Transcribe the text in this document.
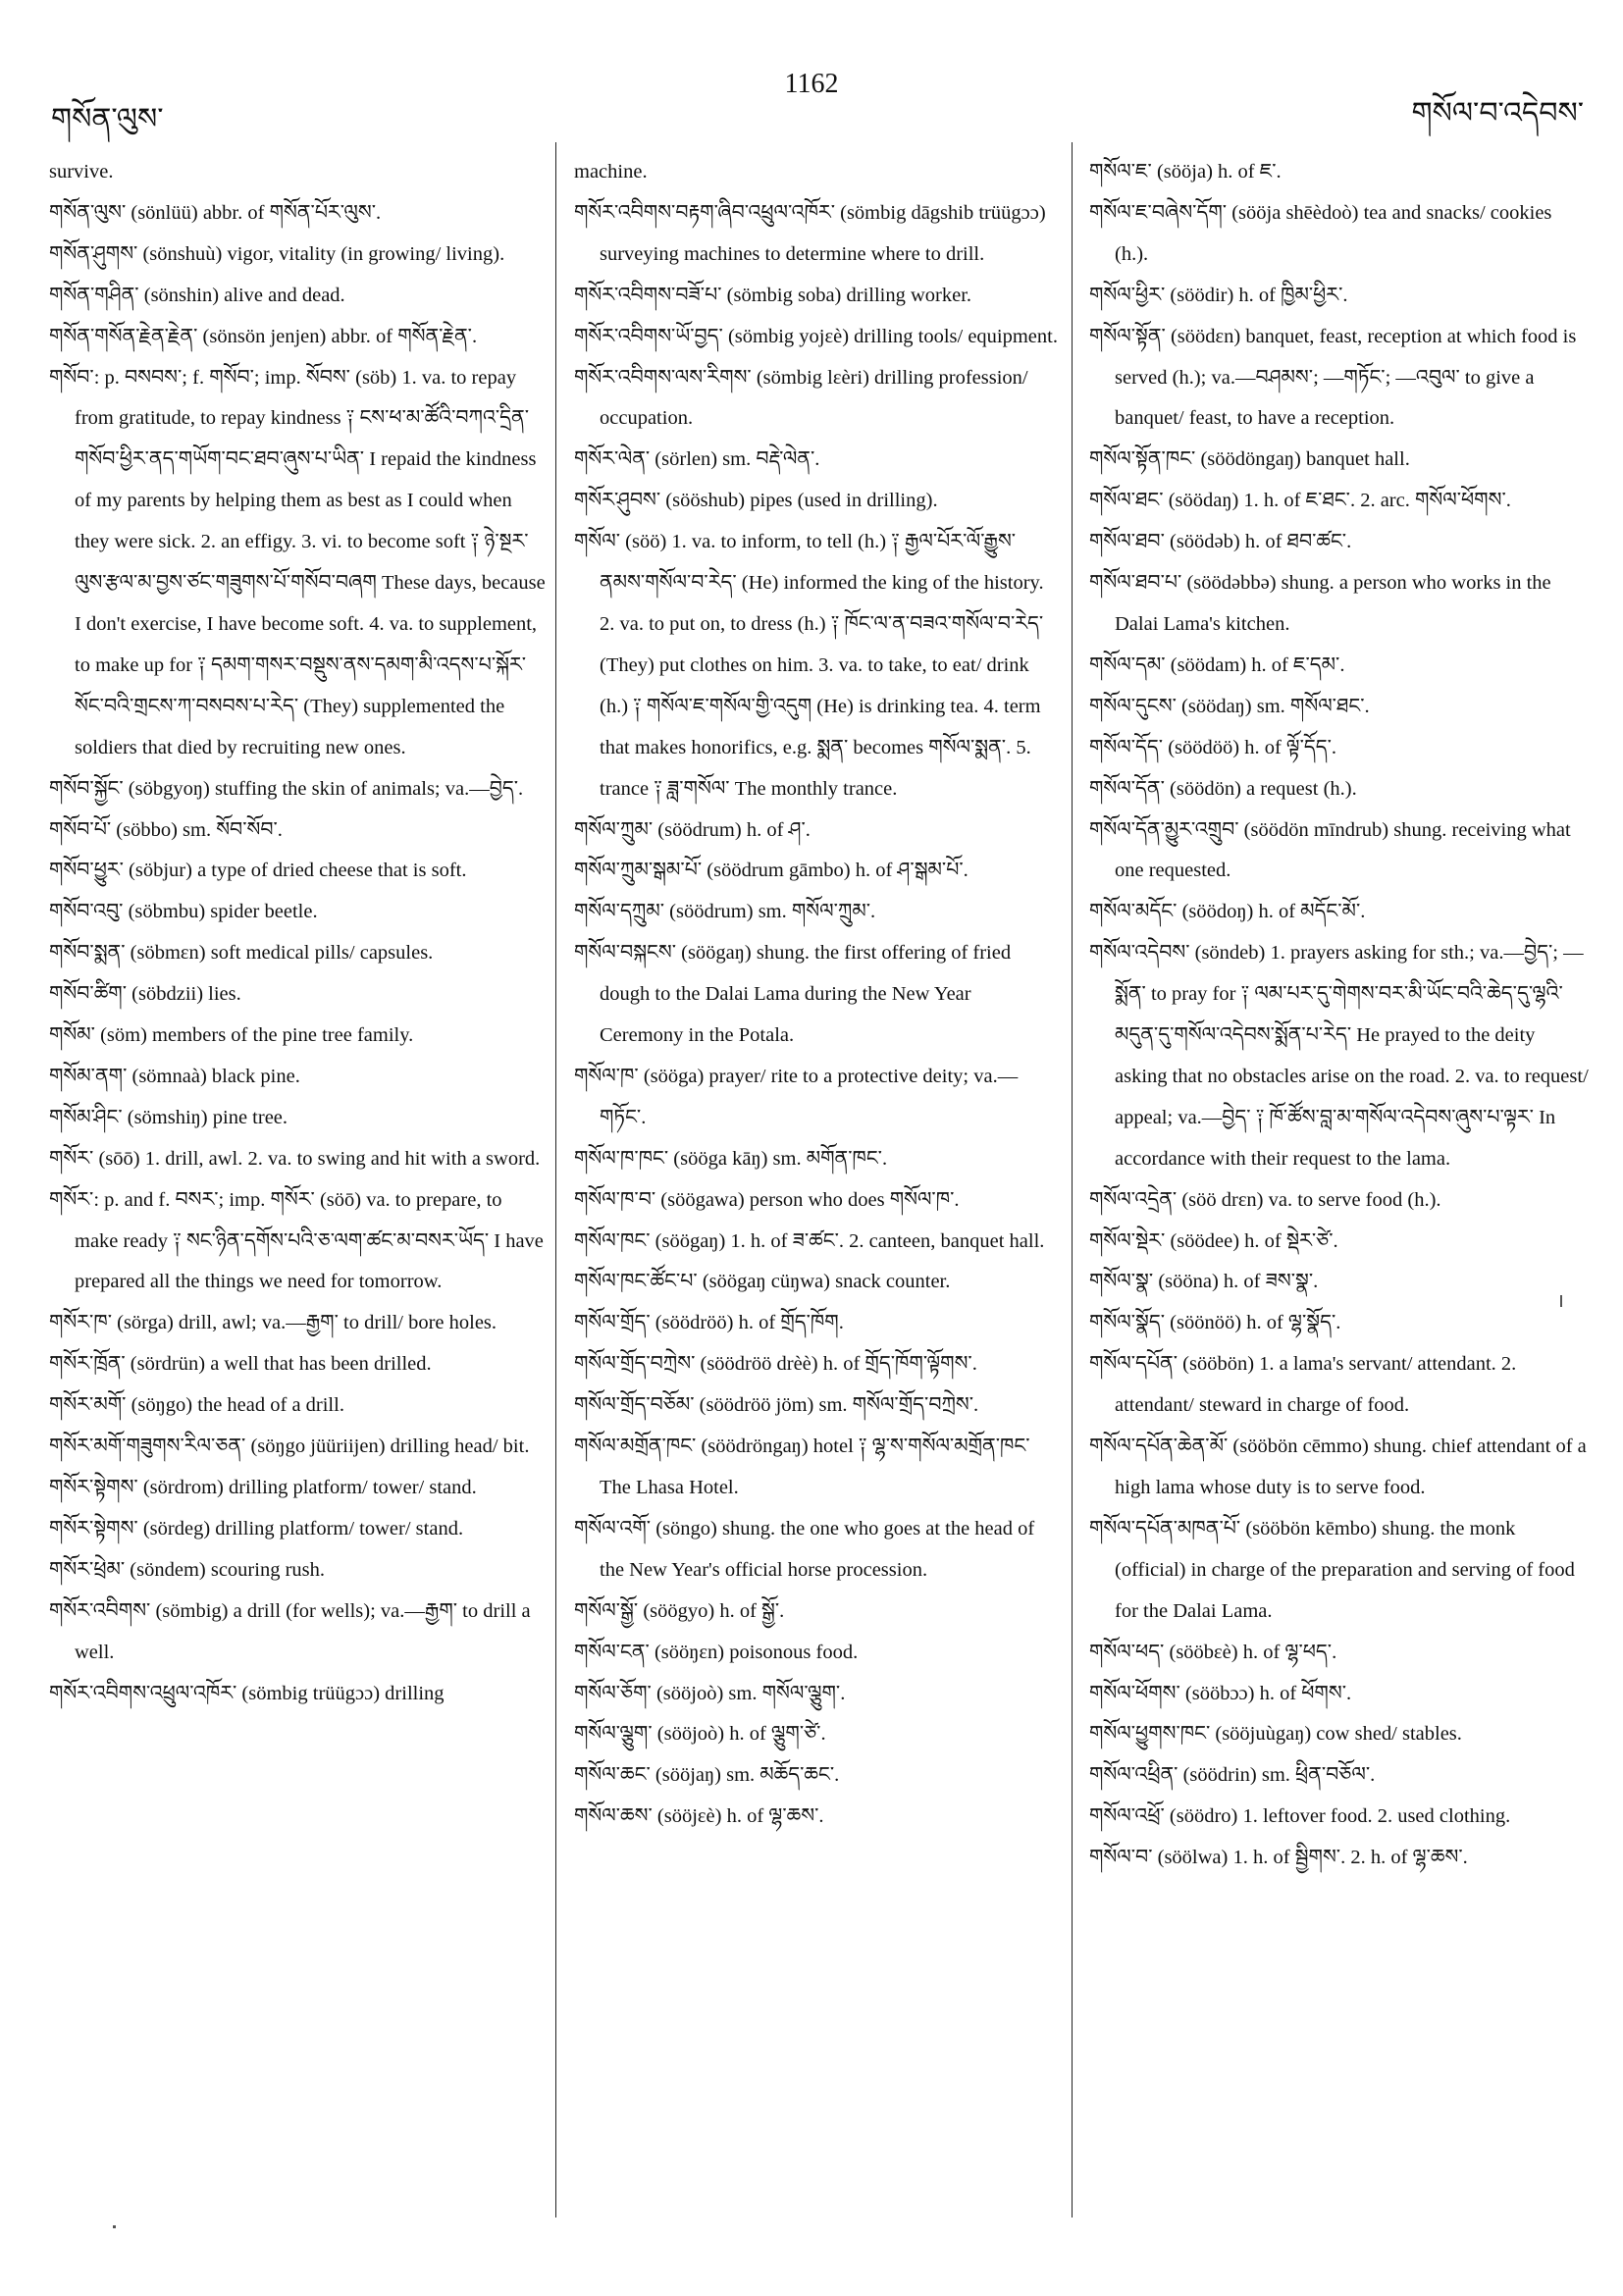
གསོན་ལུས་
1162
གསོལ་བ་འདེབས་

survive.

གསོན་ལུས་ (sönlüü) abbr. of གསོན་པོར་ལུས་.

གསོན་ཤུགས་ (sönshuù) vigor, vitality (in growing/ living).

གསོན་གཤིན་ (sönshin) alive and dead.

གསོན་གསོན་རྗེན་རྗེན་ (sönsön jenjen) abbr. of གསོན་རྗེན་.

གསོབ་: p. བསབས་; f. གསོབ་; imp. སོབས་ (söb) 1. va. to repay from gratitude, to repay kindness ༑ ངས་ཕ་མ་ཚོའི་བཀའ་དྲིན་གསོབ་ཕྱིར་ནད་གཡོག་བང་ཐབ་ཞུས་པ་ཡིན་ I repaid the kindness of my parents by helping them as best as I could when they were sick. 2. an effigy. 3. vi. to become soft ༑ ཉེ་སྔར་ལུས་རྩལ་མ་བྱས་ཙང་གཟུགས་པོ་གསོབ་བཞག These days, because I don't exercise, I have become soft. 4. va. to supplement, to make up for ༑ དམག་གསར་བསྡུས་ནས་དམག་མི་འདས་པ་སྐོར་སོང་བའི་གྲངས་ཀ་བསབས་པ་རེད་ (They) supplemented the soldiers that died by recruiting new ones.

གསོབ་སྐྱོང་ (söbgyoŋ) stuffing the skin of animals; va.—བྱེད་.

གསོབ་པོ་ (söbbo) sm. སོབ་སོབ་.

གསོབ་ཕྱུར་ (söbjur) a type of dried cheese that is soft.

གསོབ་འབུ་ (söbmbu) spider beetle.

གསོབ་སྨན་ (söbmɛn) soft medical pills/ capsules.

གསོབ་ཚིག་ (söbdzii) lies.

གསོམ་ (söm) members of the pine tree family.

གསོམ་ནག་ (sömnaà) black pine.

གསོམ་ཤིང་ (sömshiŋ) pine tree.

གསོར་ (sōō) 1. drill, awl. 2. va. to swing and hit with a sword.

གསོར་: p. and f. བསར་; imp. གསོར་ (söō) va. to prepare, to make ready ༑ སང་ཉིན་དགོས་པའི་ཅ་ལག་ཚང་མ་བསར་ཡོད་ I have prepared all the things we need for tomorrow.

གསོར་ཁ་ (sörga) drill, awl; va.—རྒྱག་ to drill/ bore holes.

གསོར་ཁྲོན་ (sördrün) a well that has been drilled.

གསོར་མགོ་ (söŋgo) the head of a drill.

གསོར་མགོ་གཟུགས་རིལ་ཅན་ (söŋgo jüüriijen) drilling head/ bit.

གསོར་སྟེགས་ (sördrom) drilling platform/ tower/ stand.

གསོར་སྟེགས་ (sördeg) drilling platform/ tower/ stand.

གསོར་ཕྲེམ་ (söndem) scouring rush.

གསོར་འབིགས་ (sömbig) a drill (for wells); va.—རྒྱག་ to drill a well.

གསོར་འབིགས་འཕྲུལ་འཁོར་ (sömbig trüügɔɔ) drilling

machine.

གསོར་འབིགས་བརྟག་ཞིབ་འཕྲུལ་འཁོར་ (sömbig dāgshib trüügɔɔ) surveying machines to determine where to drill.

གསོར་འབིགས་བཟོ་པ་ (sömbig soba) drilling worker.

གསོར་འབིགས་ཡོ་བྱད་ (sömbig yojɛè) drilling tools/ equipment.

གསོར་འབིགས་ལས་རིགས་ (sömbig lɛèri) drilling profession/ occupation.

གསོར་ལེན་ (sörlen) sm. བརྡེ་ལེན་.

གསོར་ཤུབས་ (sööshub) pipes (used in drilling).

གསོལ་ (söö) 1. va. to inform, to tell (h.) ༑ རྒྱལ་པོར་ལོ་རྒྱུས་ནམས་གསོལ་བ་རེད་ (He) informed the king of the history. 2. va. to put on, to dress (h.) ༑ ཁོང་ལ་ན་བཟའ་གསོལ་བ་རེད་ (They) put clothes on him. 3. va. to take, to eat/ drink (h.) ༑ གསོལ་ཇ་གསོལ་གྱི་འདུག (He) is drinking tea. 4. term that makes honorifics, e.g. སྨན་ becomes གསོལ་སྨན་. 5. trance ༑ ཟླ་གསོལ་ The monthly trance.

གསོལ་ཀྲུམ་ (söödrum) h. of ཤ་.

གསོལ་ཀྲུམ་སྒམ་པོ་ (söödrum gāmbo) h. of ཤ་སྒམ་པོ་.

གསོལ་དཀྲུམ་ (söödrum) sm. གསོལ་ཀྲུམ་.

གསོལ་བསྐངས་ (söögaŋ) shung. the first offering of fried dough to the Dalai Lama during the New Year Ceremony in the Potala.

གསོལ་ཁ་ (sööga) prayer/ rite to a protective deity; va.—གཏོང་.

གསོལ་ཁ་ཁང་ (sööga kāŋ) sm. མགོན་ཁང་.

གསོལ་ཁ་བ་ (söögawa) person who does གསོལ་ཁ་.

གསོལ་ཁང་ (söögaŋ) 1. h. of ཟ་ཚང་. 2. canteen, banquet hall.

གསོལ་ཁང་ཚོང་པ་ (söögaŋ cüŋwa) snack counter.

གསོལ་གྲོད་ (söödröö) h. of གྲོད་ཁོག.

གསོལ་གྲོད་བཀྲེས་ (söödröö drèè) h. of གྲོད་ཁོག་ལྟོགས་.

གསོལ་གྲོད་བཅོམ་ (söödröö jöm) sm. གསོལ་གྲོད་བཀྲེས་.

གསོལ་མགྲོན་ཁང་ (söödröngaŋ) hotel ༑ ལྷ་ས་གསོལ་མགྲོན་ཁང་ The Lhasa Hotel.

གསོལ་འགོ་ (söngo) shung. the one who goes at the head of the New Year's official horse procession.

གསོལ་སྒྱོ་ (söögyo) h. of སྒྱོ་.

གསོལ་ངན་ (sööŋɛn) poisonous food.

གསོལ་ཅོག་ (sööjoò) sm. གསོལ་ལྕུག་.

གསོལ་ལྕུག་ (sööjoò) h. of ལྕུག་ཙེ་.

གསོལ་ཆང་ (sööjaŋ) sm. མཆོད་ཆང་.

གསོལ་ཆས་ (sööjɛè) h. of ལྷ་ཆས་.

གསོལ་ཇ་ (sööja) h. of ཇ་.

གསོལ་ཇ་བཞེས་དོག་ (sööja shēèdoò) tea and snacks/ cookies (h.).

གསོལ་ཕྱིར་ (söödir) h. of ཁྱིམ་ཕྱིར་.

གསོལ་སྟོན་ (söödɛn) banquet, feast, reception at which food is served (h.); va.—བཤམས་; —གཏོང་; —འབུལ་ to give a banquet/ feast, to have a reception.

གསོལ་སྟོན་ཁང་ (söödöngaŋ) banquet hall.

གསོལ་ཐང་ (söödaŋ) 1. h. of ཇ་ཐང་. 2. arc. གསོལ་ཕོགས་.

གསོལ་ཐབ་ (söödəb) h. of ཐབ་ཚང་.

གསོལ་ཐབ་པ་ (söödəbbə) shung. a person who works in the Dalai Lama's kitchen.

གསོལ་དམ་ (söödam) h. of ཇ་དམ་.

གསོལ་དུངས་ (söödaŋ) sm. གསོལ་ཐང་.

གསོལ་དོད་ (söödöö) h. of ལྟོ་དོད་.

གསོལ་དོན་ (söödön) a request (h.).

གསོལ་དོན་མྱུར་འགྲུབ་ (söödön mīndrub) shung. receiving what one requested.

གསོལ་མདོང་ (söödoŋ) h. of མདོང་མོ་.

གསོལ་འདེབས་ (söndeb) 1. prayers asking for sth.; va.—བྱེད་; —སྨོན་ to pray for ༑ ལམ་པར་དུ་གེགས་བར་མི་ཡོང་བའི་ཆེད་དུ་ལྷའི་མདུན་དུ་གསོལ་འདེབས་སྨོན་པ་རེད་ He prayed to the deity asking that no obstacles arise on the road. 2. va. to request/ appeal; va.—བྱེད་ ༑ ཁོ་ཚོས་བླ་མ་གསོལ་འདེབས་ཞུས་པ་ལྟར་ In accordance with their request to the lama.

གསོལ་འདྲེན་ (söö drɛn) va. to serve food (h.).

གསོལ་སྡེར་ (söödee) h. of སྡེར་ཙེ་.

གསོལ་སྣ་ (sööna) h. of ཟས་སྣ་.

གསོལ་སྣོད་ (söönöö) h. of ལྷ་སྣོད་.

གསོལ་དཔོན་ (sööbön) 1. a lama's servant/ attendant. 2. attendant/ steward in charge of food.

གསོལ་དཔོན་ཆེན་མོ་ (sööbön cēmmo) shung. chief attendant of a high lama whose duty is to serve food.

གསོལ་དཔོན་མཁན་པོ་ (sööbön kēmbo) shung. the monk (official) in charge of the preparation and serving of food for the Dalai Lama.

གསོལ་ཕད་ (sööbɛè) h. of ལྷ་ཕད་.

གསོལ་ཕོགས་ (sööbɔɔ) h. of ཕོགས་.

གསོལ་ཕྱུགས་ཁང་ (sööjuùgaŋ) cow shed/ stables.

གསོལ་འཕྲིན་ (söödrin) sm. ཕྲིན་བཅོལ་.

གསོལ་འཕྲོ་ (söödro) 1. leftover food. 2. used clothing.

གསོལ་བ་ (söölwa) 1. h. of སྦྱིགས་. 2. h. of ལྷ་ཆས་.
